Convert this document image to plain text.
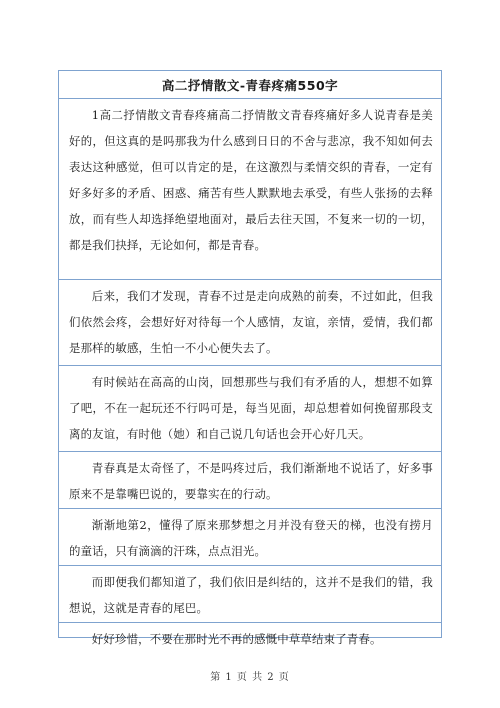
高二抒情散文-青春疼痛550字
1高二抒情散文青春疼痛高二抒情散文青春疼痛好多人说青春是美好的，但这真的是吗那我为什么感到日日的不舍与悲凉，我不知如何去表达这种感觉，但可以肯定的是，在这激烈与柔情交织的青春，一定有好多好多的矛盾、困惑、痛苦有些人默默地去承受，有些人张扬的去释放，而有些人却选择绝望地面对，最后去往天国，不复来一切的一切，都是我们抉择，无论如何，都是青春。
后来，我们才发现，青春不过是走向成熟的前奏，不过如此，但我们依然会疼，会想好好对待每一个人感情，友谊，亲情，爱情，我们都是那样的敏感，生怕一不小心便失去了。
有时候站在高高的山岗，回想那些与我们有矛盾的人，想想不如算了吧，不在一起玩还不行吗可是，每当见面，却总想着如何挽留那段支离的友谊，有时他（她）和自己说几句话也会开心好几天。
青春真是太奇怪了，不是吗疼过后，我们渐渐地不说话了，好多事原来不是靠嘴巴说的，要靠实在的行动。
渐渐地第2，懂得了原来那梦想之月并没有登天的梯，也没有捞月的童话，只有滴滴的汗珠，点点泪光。
而即便我们都知道了，我们依旧是纠结的，这并不是我们的错，我想说，这就是青春的尾巴。
好好珍惜，不要在那时光不再的感慨中草草结束了青春。
第 1 页 共 2 页
